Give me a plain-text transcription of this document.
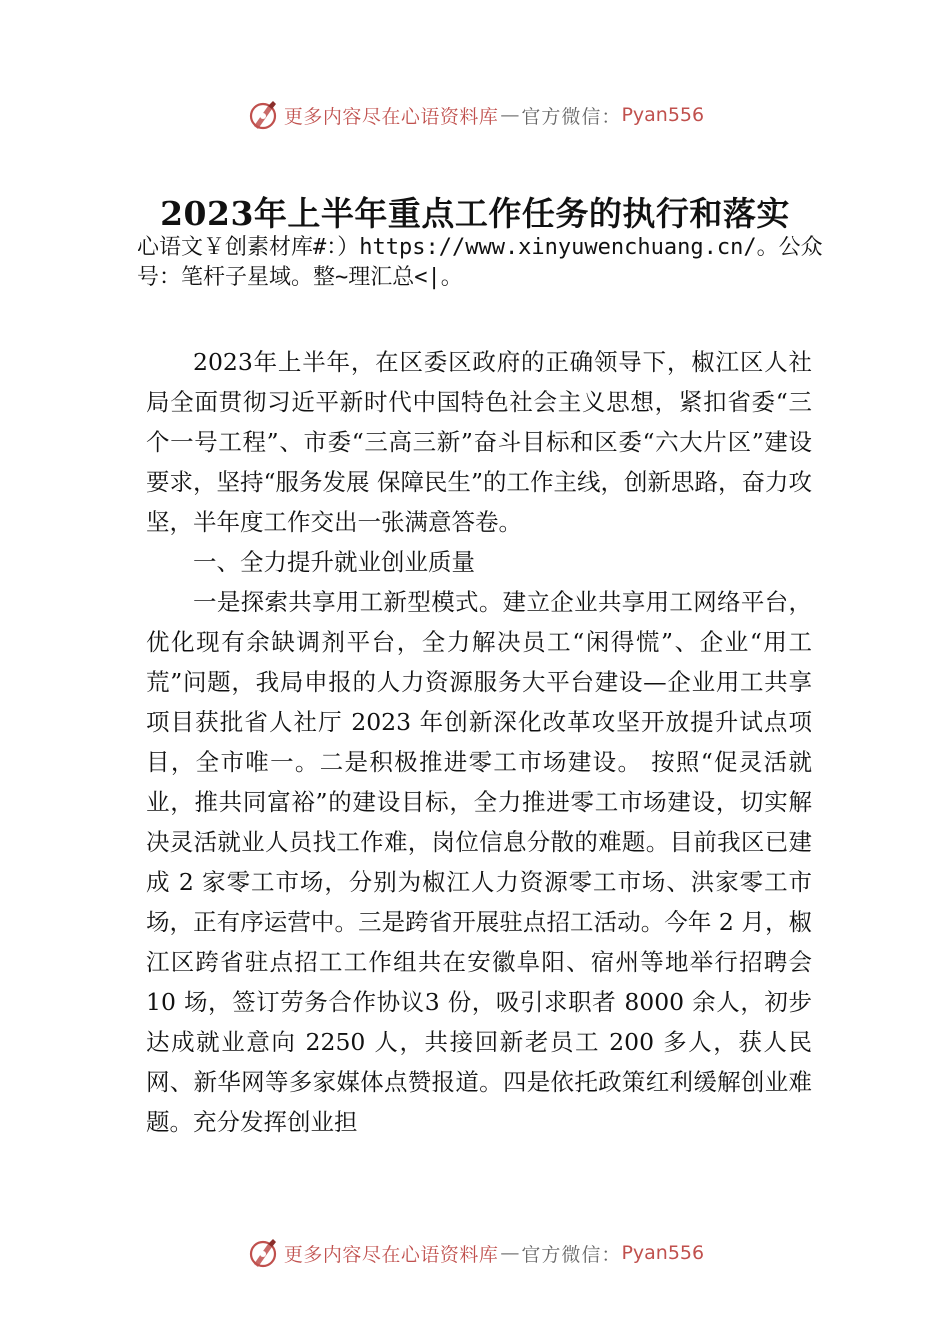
更多内容尽在心语资料库 — 官方微信： Pyan556
2023年上半年重点工作任务的执行和落实
心语文￥创素材库#：）https://www.xinyuwenchuang.cn/。公众号：笔杆子星域。整~理汇总<|。

2023年上半年，在区委区政府的正确领导下，椒江区人社局全面贯彻习近平新时代中国特色社会主义思想，紧扣省委“三个一号工程”、市委“三高三新”奋斗目标和区委“六大片区”建设要求，坚持“服务发展 保障民生”的工作主线，创新思路，奋力攻坚，半年度工作交出一张满意答卷。

一、全力提升就业创业质量

一是探索共享用工新型模式。建立企业共享用工网络平台，优化现有余缺调剂平台，全力解决员工“闲得慌”、企业“用工荒”问题，我局申报的人力资源服务大平台建设—企业用工共享项目获批省人社厅 2023 年创新深化改革攻坚开放提升试点项目，全市唯一。二是积极推进零工市场建设。 按照“促灵活就业，推共同富裕”的建设目标，全力推进零工市场建设，切实解决灵活就业人员找工作难，岗位信息分散的难题。目前我区已建成 2 家零工市场，分别为椒江人力资源零工市场、洪家零工市场，正有序运营中。三是跨省开展驻点招工活动。今年 2 月，椒江区跨省驻点招工工作组共在安徽阜阳、宿州等地举行招聘会 10 场，签订劳务合作协议3 份，吸引求职者 8000 余人，初步达成就业意向 2250 人，共接回新老员工 200 多人，获人民网、新华网等多家媒体点赞报道。四是依托政策红利缓解创业难题。充分发挥创业担

更多内容尽在心语资料库 — 官方微信： Pyan556
